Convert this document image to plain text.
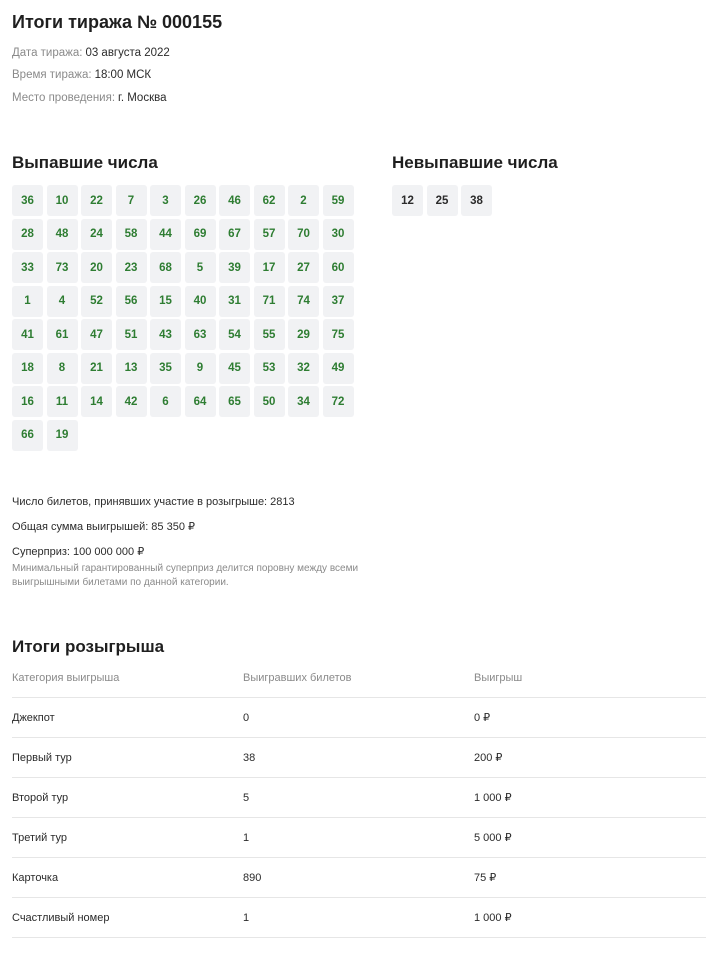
Итоги тиража № 000155
Дата тиража: 03 августа 2022
Время тиража: 18:00 МСК
Место проведения: г. Москва
Выпавшие числа
36	10	22	7	3	26	46	62	2	59
28	48	24	58	44	69	67	57	70	30
33	73	20	23	68	5	39	17	27	60
1	4	52	56	15	40	31	71	74	37
41	61	47	51	43	63	54	55	29	75
18	8	21	13	35	9	45	53	32	49
16	11	14	42	6	64	65	50	34	72
66	19
Невыпавшие числа
12	25	38
Число билетов, принявших участие в розыгрыше: 2813
Общая сумма выигрышей: 85 350 ₽
Суперприз: 100 000 000 ₽
Минимальный гарантированный суперприз делится поровну между всеми выигрышными билетами по данной категории.
Итоги розыгрыша
Категория выигрыша	Выигравших билетов	Выигрыш
Джекпот	0	0 ₽
Первый тур	38	200 ₽
Второй тур	5	1 000 ₽
Третий тур	1	5 000 ₽
Карточка	890	75 ₽
Счастливый номер	1	1 000 ₽
